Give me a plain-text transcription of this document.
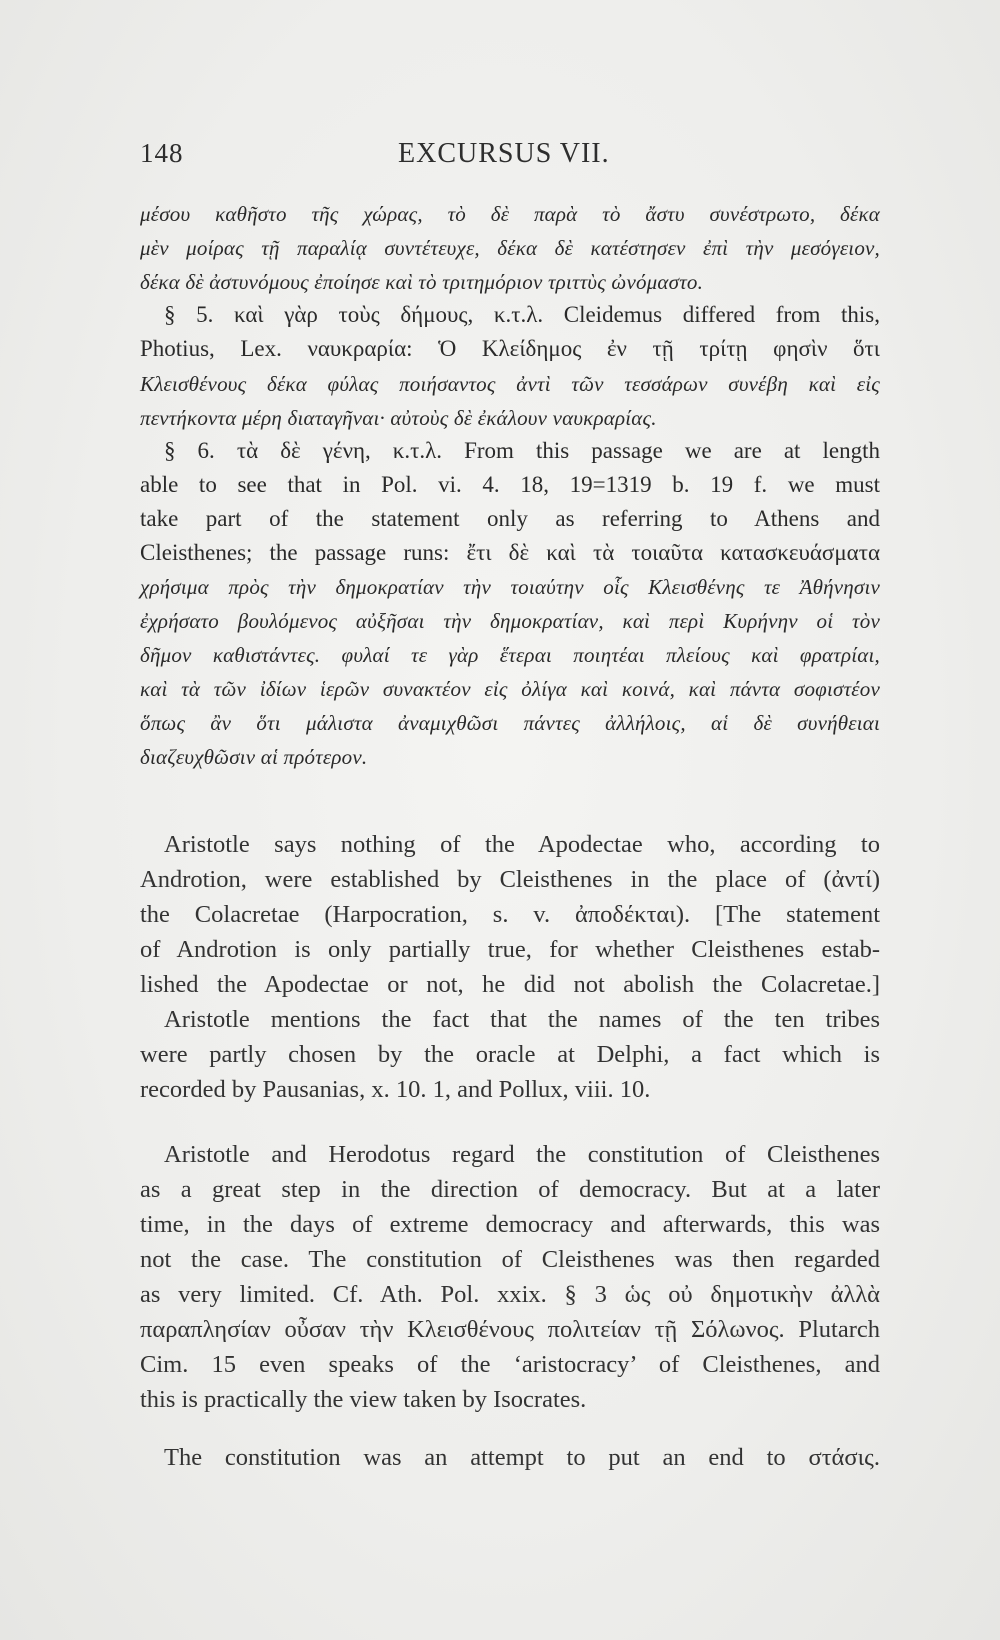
148	EXCURSUS VII.
μέσου καθῆστο τῆς χώρας, τὸ δὲ παρὰ τὸ ἄστυ συνέστρωτο, δέκα
μὲν μοίρας τῇ παραλίᾳ συντέτευχε, δέκα δὲ κατέστησεν ἐπὶ τὴν μεσόγειον,
δέκα δὲ ἀστυνόμους ἐποίησε καὶ τὸ τριτημόριον τριττὺς ὠνόμαστο.
§ 5. καὶ γὰρ τοὺς δήμους, κ.τ.λ. Cleidemus differed from this,
Photius, Lex. ναυκραρία: Ὁ Κλείδημος ἐν τῇ τρίτῃ φησὶν ὅτι
Κλεισθένους δέκα φύλας ποιήσαντος ἀντὶ τῶν τεσσάρων συνέβη καὶ εἰς
πεντήκοντα μέρη διαταγῆναι· αὐτοὺς δὲ ἐκάλουν ναυκραρίας.
§ 6. τὰ δὲ γένη, κ.τ.λ. From this passage we are at length
able to see that in Pol. vi. 4. 18, 19=1319 b. 19 f. we must
take part of the statement only as referring to Athens and
Cleisthenes; the passage runs: ἔτι δὲ καὶ τὰ τοιαῦτα κατασκευάσματα
χρήσιμα πρὸς τὴν δημοκρατίαν τὴν τοιαύτην οἷς Κλεισθένης τε Ἀθήνησιν
ἐχρήσατο βουλόμενος αὐξῆσαι τὴν δημοκρατίαν, καὶ περὶ Κυρήνην οἱ τὸν
δῆμον καθιστάντες. φυλαί τε γὰρ ἕτεραι ποιητέαι πλείους καὶ φρατρίαι,
καὶ τὰ τῶν ἰδίων ἱερῶν συνακτέον εἰς ὀλίγα καὶ κοινά, καὶ πάντα σοφιστέον
ὅπως ἂν ὅτι μάλιστα ἀναμιχθῶσι πάντες ἀλλήλοις, αἱ δὲ συνήθειαι
διαζευχθῶσιν αἱ πρότερον.
Aristotle says nothing of the Apodectae who, according to
Androtion, were established by Cleisthenes in the place of (ἀντί)
the Colacretae (Harpocration, s. v. ἀποδέκται). [The statement
of Androtion is only partially true, for whether Cleisthenes estab-
lished the Apodectae or not, he did not abolish the Colacretae.]
Aristotle mentions the fact that the names of the ten tribes
were partly chosen by the oracle at Delphi, a fact which is
recorded by Pausanias, x. 10. 1, and Pollux, viii. 10.
Aristotle and Herodotus regard the constitution of Cleisthenes
as a great step in the direction of democracy. But at a later
time, in the days of extreme democracy and afterwards, this was
not the case. The constitution of Cleisthenes was then regarded
as very limited. Cf. Ath. Pol. xxix. § 3 ὡς οὐ δημοτικὴν ἀλλὰ
παραπλησίαν οὖσαν τὴν Κλεισθένους πολιτείαν τῇ Σόλωνος. Plutarch
Cim. 15 even speaks of the ‘aristocracy’ of Cleisthenes, and
this is practically the view taken by Isocrates.
The constitution was an attempt to put an end to στάσις.
